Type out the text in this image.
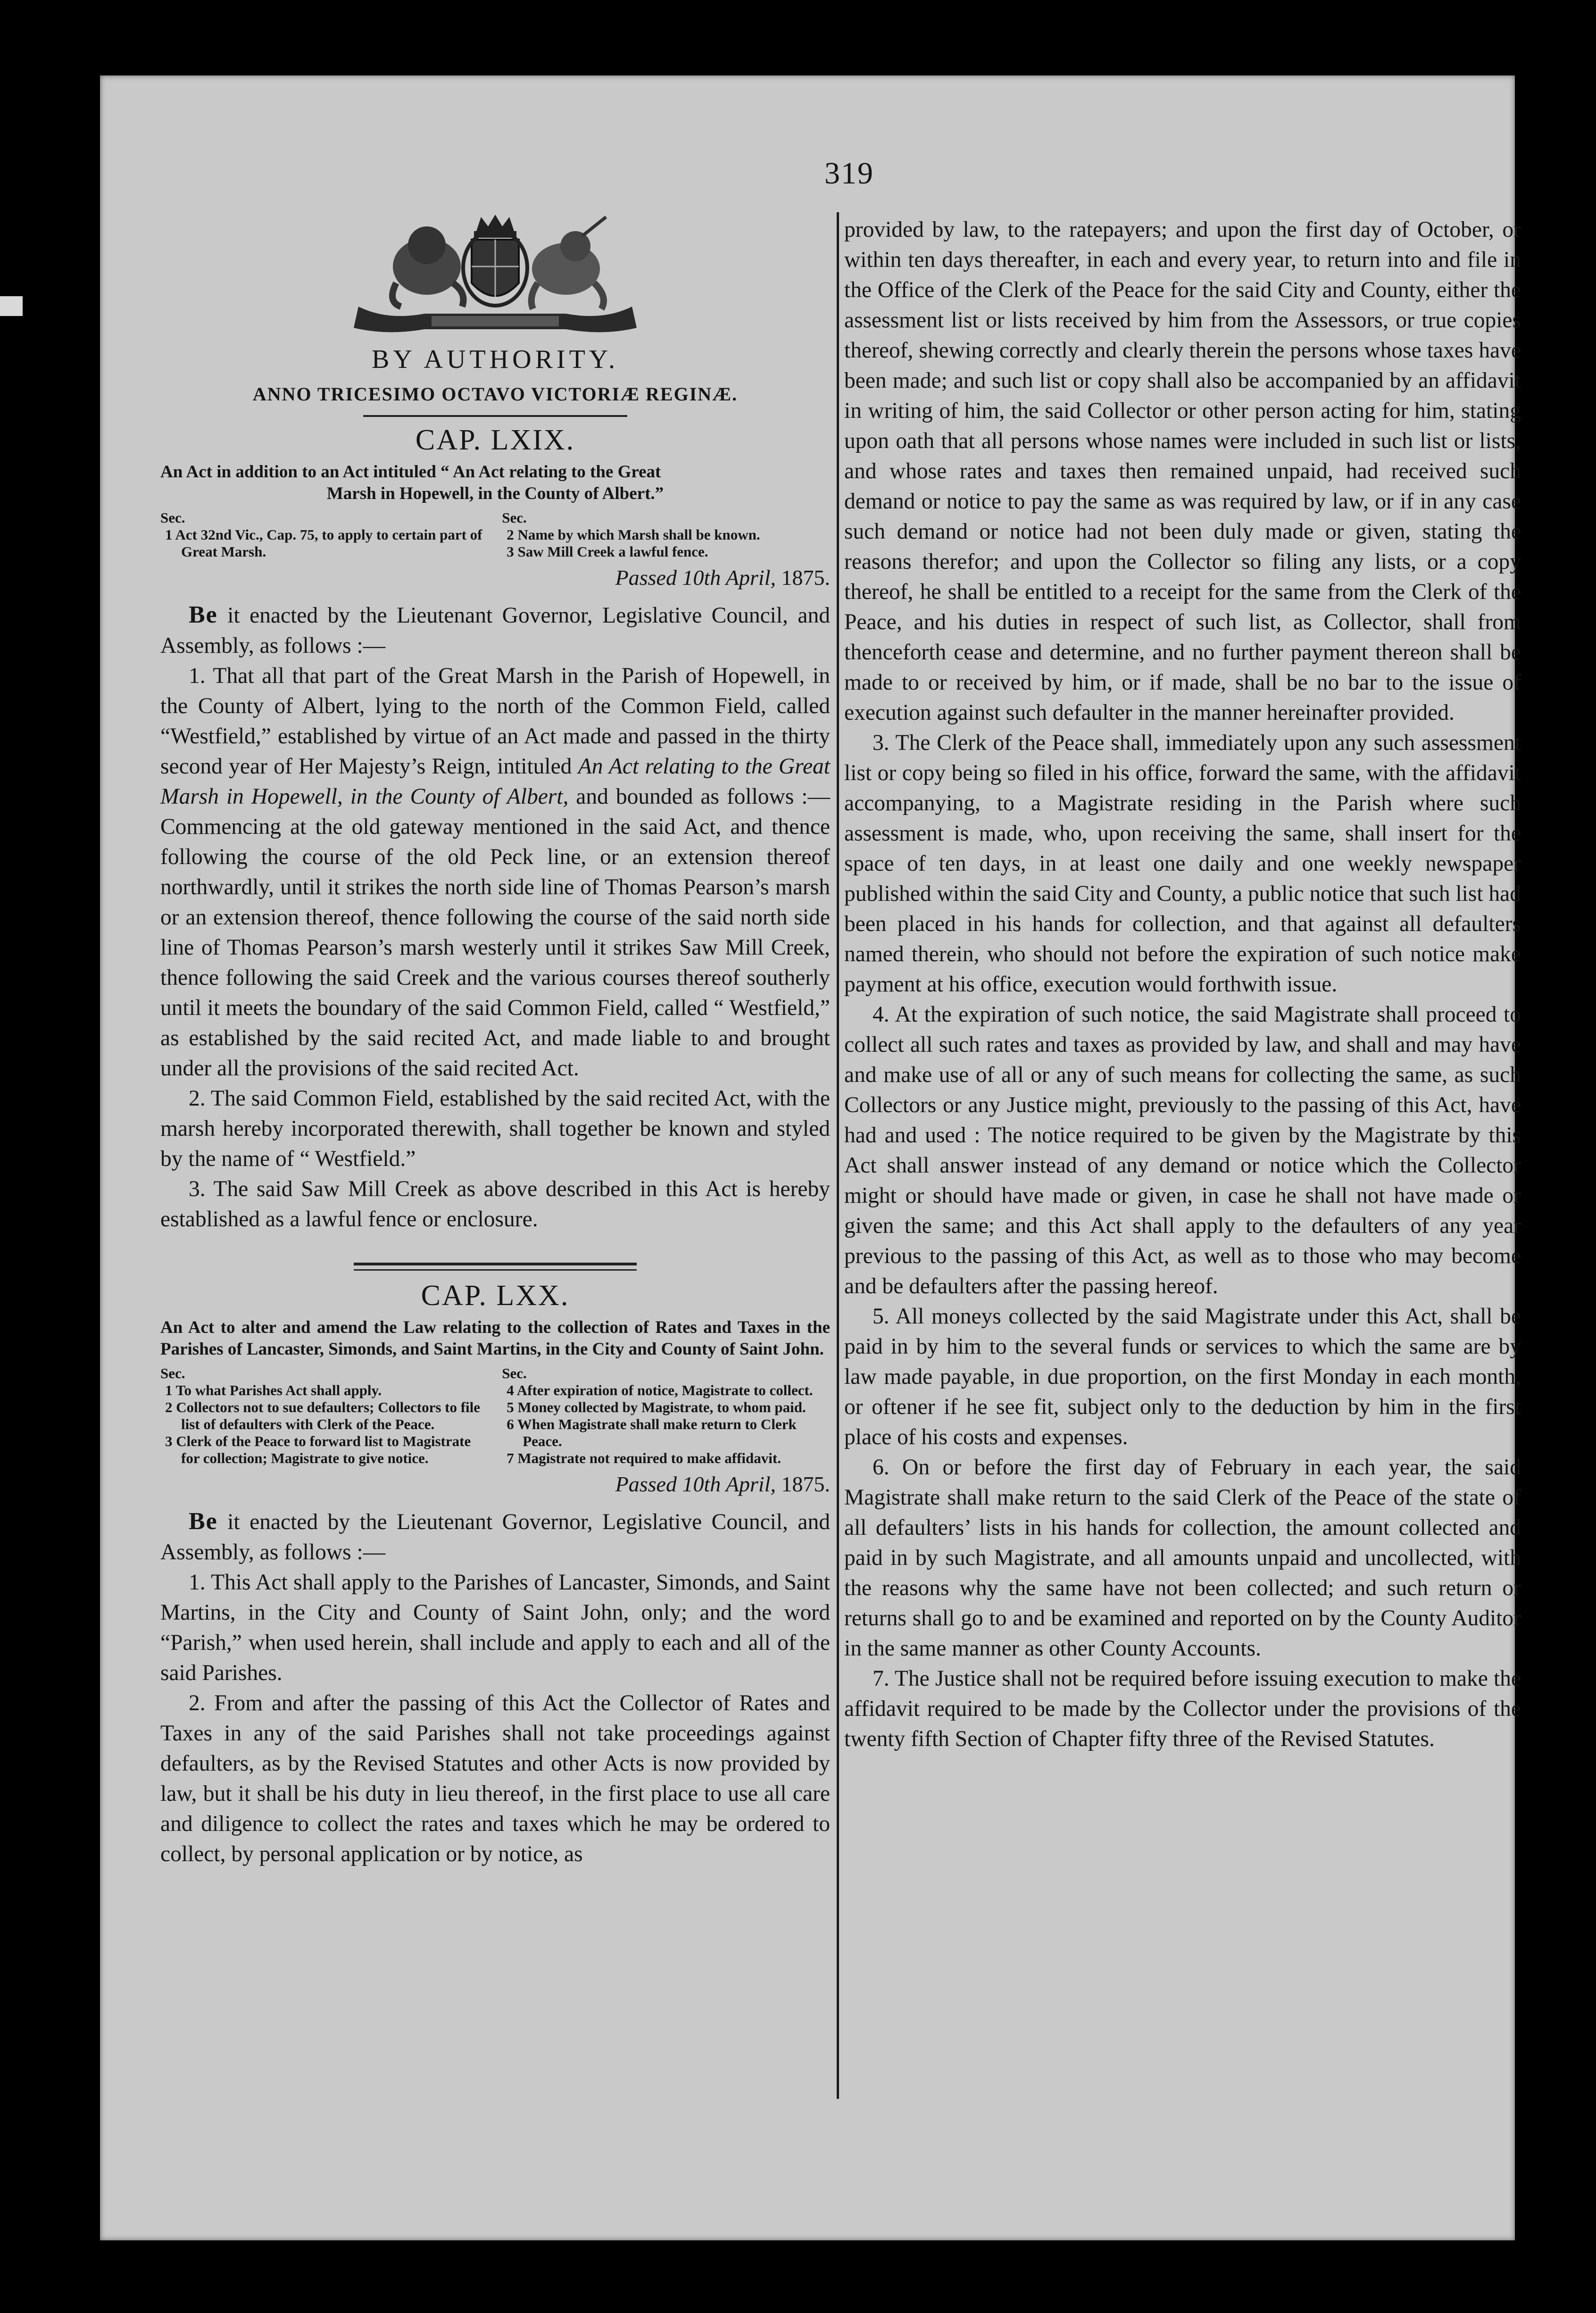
319
BY AUTHORITY.
ANNO TRICESIMO OCTAVO VICTORIÆ REGINÆ.
CAP. LXIX.
An Act in addition to an Act intituled “ An Act relating to the Great
Marsh in Hopewell, in the County of Albert.”
Sec.
1 Act 32nd Vic., Cap. 75, to apply to certain part of Great Marsh.
Sec.
2 Name by which Marsh shall be known.
3 Saw Mill Creek a lawful fence.
Passed 10th April, 1875.

Be it enacted by the Lieutenant Governor, Legislative Council, and Assembly, as follows :—

1. That all that part of the Great Marsh in the Parish of Hopewell, in the County of Albert, lying to the north of the Common Field, called “Westfield,” established by virtue of an Act made and passed in the thirty second year of Her Majesty’s Reign, intituled An Act relating to the Great Marsh in Hopewell, in the County of Albert, and bounded as follows :—Commencing at the old gateway mentioned in the said Act, and thence following the course of the old Peck line, or an extension thereof northwardly, until it strikes the north side line of Thomas Pearson’s marsh or an extension thereof, thence following the course of the said north side line of Thomas Pearson’s marsh westerly until it strikes Saw Mill Creek, thence following the said Creek and the various courses thereof southerly until it meets the boundary of the said Common Field, called “ Westfield,” as established by the said recited Act, and made liable to and brought under all the provisions of the said recited Act.

2. The said Common Field, established by the said recited Act, with the marsh hereby incorporated therewith, shall together be known and styled by the name of “ Westfield.”

3. The said Saw Mill Creek as above described in this Act is hereby established as a lawful fence or enclosure.

CAP. LXX.
An Act to alter and amend the Law relating to the collection of Rates and Taxes in the Parishes of Lancaster, Simonds, and Saint Martins, in the City and County of Saint John.
Sec.
1 To what Parishes Act shall apply.
2 Collectors not to sue defaulters; Collectors to file list of defaulters with Clerk of the Peace.
3 Clerk of the Peace to forward list to Magistrate for collection; Magistrate to give notice.
Sec.
4 After expiration of notice, Magistrate to collect.
5 Money collected by Magistrate, to whom paid.
6 When Magistrate shall make return to Clerk Peace.
7 Magistrate not required to make affidavit.
Passed 10th April, 1875.

Be it enacted by the Lieutenant Governor, Legislative Council, and Assembly, as follows :—

1. This Act shall apply to the Parishes of Lancaster, Simonds, and Saint Martins, in the City and County of Saint John, only; and the word “Parish,” when used herein, shall include and apply to each and all of the said Parishes.

2. From and after the passing of this Act the Collector of Rates and Taxes in any of the said Parishes shall not take proceedings against defaulters, as by the Revised Statutes and other Acts is now provided by law, but it shall be his duty in lieu thereof, in the first place to use all care and diligence to collect the rates and taxes which he may be ordered to collect, by personal application or by notice, as

provided by law, to the ratepayers; and upon the first day of October, or within ten days thereafter, in each and every year, to return into and file in the Office of the Clerk of the Peace for the said City and County, either the assessment list or lists received by him from the Assessors, or true copies thereof, shewing correctly and clearly therein the persons whose taxes have been made; and such list or copy shall also be accompanied by an affidavit in writing of him, the said Collector or other person acting for him, stating upon oath that all persons whose names were included in such list or lists, and whose rates and taxes then remained unpaid, had received such demand or notice to pay the same as was required by law, or if in any case such demand or notice had not been duly made or given, stating the reasons therefor; and upon the Collector so filing any lists, or a copy thereof, he shall be entitled to a receipt for the same from the Clerk of the Peace, and his duties in respect of such list, as Collector, shall from thenceforth cease and determine, and no further payment thereon shall be made to or received by him, or if made, shall be no bar to the issue of execution against such defaulter in the manner hereinafter provided.

3. The Clerk of the Peace shall, immediately upon any such assessment list or copy being so filed in his office, forward the same, with the affidavit accompanying, to a Magistrate residing in the Parish where such assessment is made, who, upon receiving the same, shall insert for the space of ten days, in at least one daily and one weekly newspaper published within the said City and County, a public notice that such list had been placed in his hands for collection, and that against all defaulters named therein, who should not before the expiration of such notice make payment at his office, execution would forthwith issue.

4. At the expiration of such notice, the said Magistrate shall proceed to collect all such rates and taxes as provided by law, and shall and may have and make use of all or any of such means for collecting the same, as such Collectors or any Justice might, previously to the passing of this Act, have had and used : The notice required to be given by the Magistrate by this Act shall answer instead of any demand or notice which the Collector might or should have made or given, in case he shall not have made or given the same; and this Act shall apply to the defaulters of any year previous to the passing of this Act, as well as to those who may become and be defaulters after the passing hereof.

5. All moneys collected by the said Magistrate under this Act, shall be paid in by him to the several funds or services to which the same are by law made payable, in due proportion, on the first Monday in each month, or oftener if he see fit, subject only to the deduction by him in the first place of his costs and expenses.

6. On or before the first day of February in each year, the said Magistrate shall make return to the said Clerk of the Peace of the state of all defaulters’ lists in his hands for collection, the amount collected and paid in by such Magistrate, and all amounts unpaid and uncollected, with the reasons why the same have not been collected; and such return or returns shall go to and be examined and reported on by the County Auditor in the same manner as other County Accounts.

7. The Justice shall not be required before issuing execution to make the affidavit required to be made by the Collector under the provisions of the twenty fifth Section of Chapter fifty three of the Revised Statutes.
